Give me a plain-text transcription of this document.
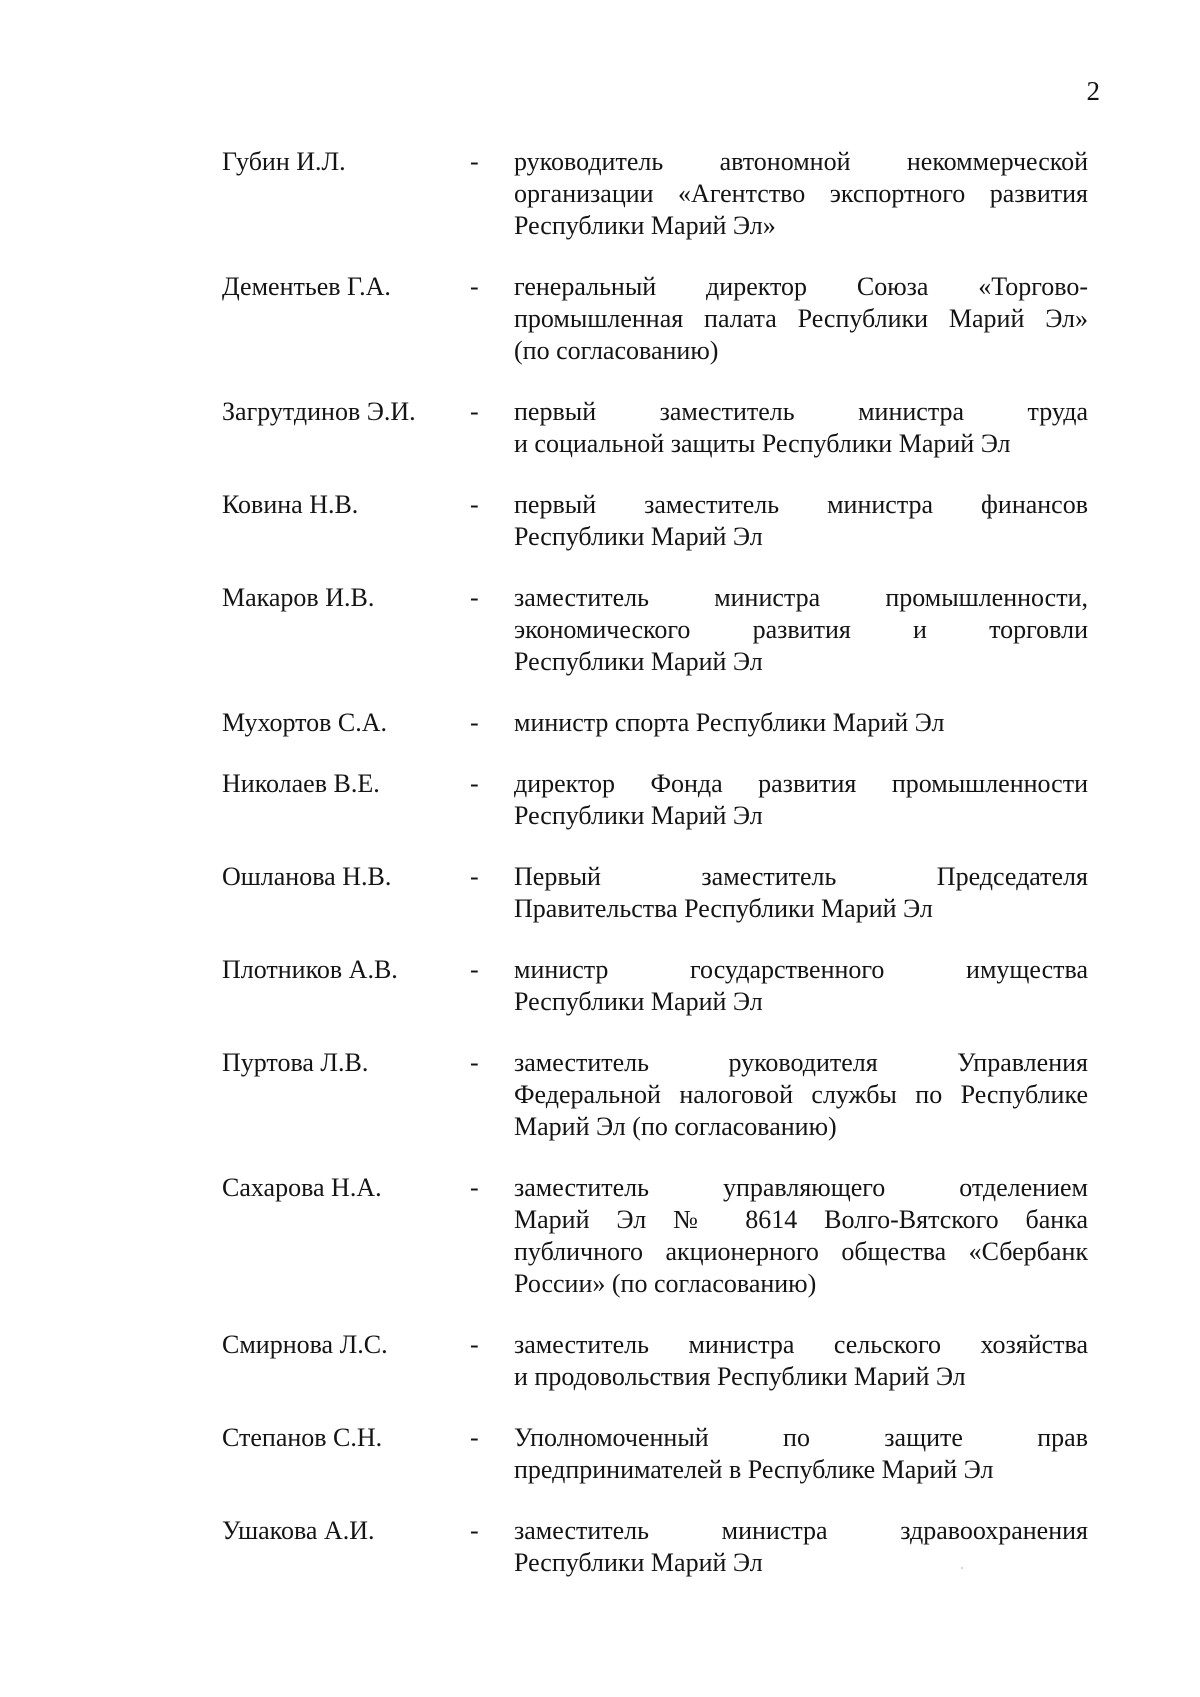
2
Губин И.Л.	- руководитель автономной некоммерческой
организации «Агентство экспортного развития
Республики Марий Эл»
Дементьев Г.А.	- генеральный директор Союза «Торгово-
промышленная палата Республики Марий Эл»
(по согласованию)
Загрутдинов Э.И.	- первый заместитель министра труда
и социальной защиты Республики Марий Эл
Ковина Н.В.	- первый заместитель министра финансов
Республики Марий Эл
Макаров И.В.	- заместитель министра промышленности,
экономического развития и торговли
Республики Марий Эл
Мухортов С.А.	- министр спорта Республики Марий Эл
Николаев В.Е.	- директор Фонда развития промышленности
Республики Марий Эл
Ошланова Н.В.	- Первый заместитель Председателя
Правительства Республики Марий Эл
Плотников А.В.	- министр государственного имущества
Республики Марий Эл
Пуртова Л.В.	- заместитель руководителя Управления
Федеральной налоговой службы по Республике
Марий Эл (по согласованию)
Сахарова Н.А.	- заместитель управляющего отделением
Марий Эл № 8614 Волго-Вятского банка
публичного акционерного общества «Сбербанк
России» (по согласованию)
Смирнова Л.С.	- заместитель министра сельского хозяйства
и продовольствия Республики Марий Эл
Степанов С.Н.	- Уполномоченный по защите прав
предпринимателей в Республике Марий Эл
Ушакова А.И.	- заместитель министра здравоохранения
Республики Марий Эл
